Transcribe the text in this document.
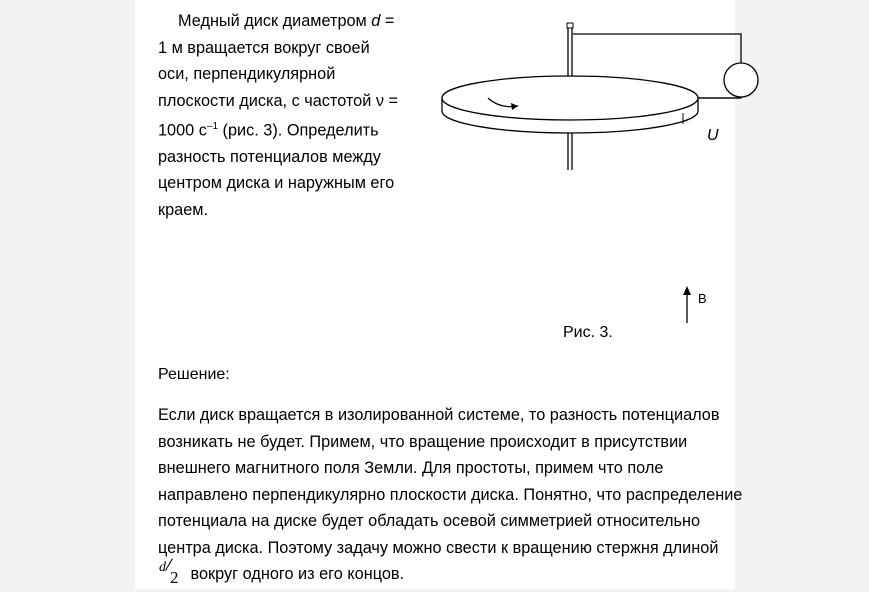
Медный диск диаметром d = 1 м вращается вокруг своей оси, перпендикулярной плоскости диска, с частотой ν = 1000 $с^{-1}$ (рис. 3). Определить разность потенциалов между центром диска и наружным его краем.

U
B
Рис. 3.
Решение:
Если диск вращается в изолированной системе, то разность потенциалов
возникать не будет. Примем, что вращение происходит в присутствии
внешнего магнитного поля Земли. Для простоты, примем что поле
направлено перпендикулярно плоскости диска. Понятно, что распределение
потенциала на диске будет обладать осевой симметрией относительно
центра диска. Поэтому задачу можно свести к вращению стержня длиной
d
2 вокруг одного из его концов.
